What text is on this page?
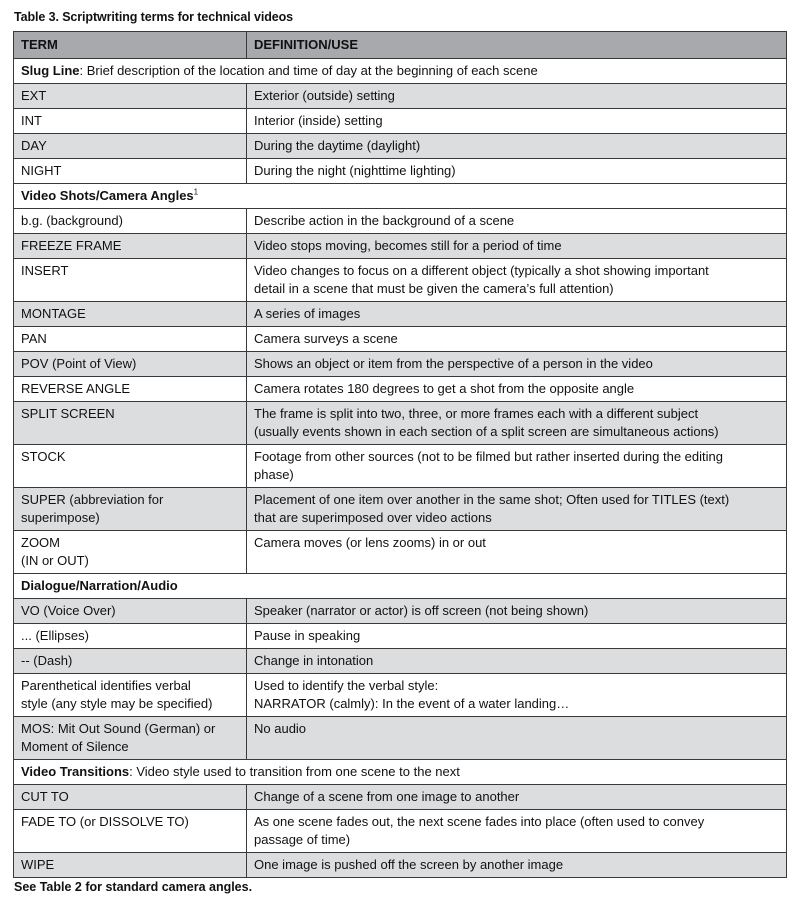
Table 3. Scriptwriting terms for technical videos
TERM	DEFINITION/USE
Slug Line: Brief description of the location and time of day at the beginning of each scene	
EXT	Exterior (outside) setting
INT	Interior (inside) setting
DAY	During the daytime (daylight)
NIGHT	During the night (nighttime lighting)
Video Shots/Camera Angles$^1$
b.g. (background)	Describe action in the background of a scene
FREEZE FRAME	Video stops moving, becomes still for a period of time
INSERT	Video changes to focus on a different object (typically a shot showing important
detail in a scene that must be given the camera’s full attention)

MONTAGE	A series of images
PAN	Camera surveys a scene
POV (Point of View)	Shows an object or item from the perspective of a person in the video
REVERSE ANGLE	Camera rotates 180 degrees to get a shot from the opposite angle
SPLIT SCREEN	The frame is split into two, three, or more frames each with a different subject
(usually events shown in each section of a split screen are simultaneous actions)

STOCK	Footage from other sources (not to be filmed but rather inserted during the editing
phase)

SUPER (abbreviation for
superimpose)	Placement of one item over another in the same shot; Often used for TITLES (text)
that are superimposed over video actions

ZOOM
(IN or OUT)	Camera moves (or lens zooms) in or out
Dialogue/Narration/Audio	
VO (Voice Over)	Speaker (narrator or actor) is off screen (not being shown)
... (Ellipses)	Pause in speaking
-- (Dash)	Change in intonation

Parenthetical identifies verbal
style (any style may be specified)	Used to identify the verbal style:
NARRATOR (calmly): In the event of a water landing…

MOS: Mit Out Sound (German) or
Moment of Silence	No audio
Video Transitions: Video style used to transition from one scene to the next	
CUT TO	Change of a scene from one image to another
FADE TO (or DISSOLVE TO)	As one scene fades out, the next scene fades into place (often used to convey
passage of time)

WIPE	One image is pushed off the screen by another image
See Table 2 for standard camera angles.
